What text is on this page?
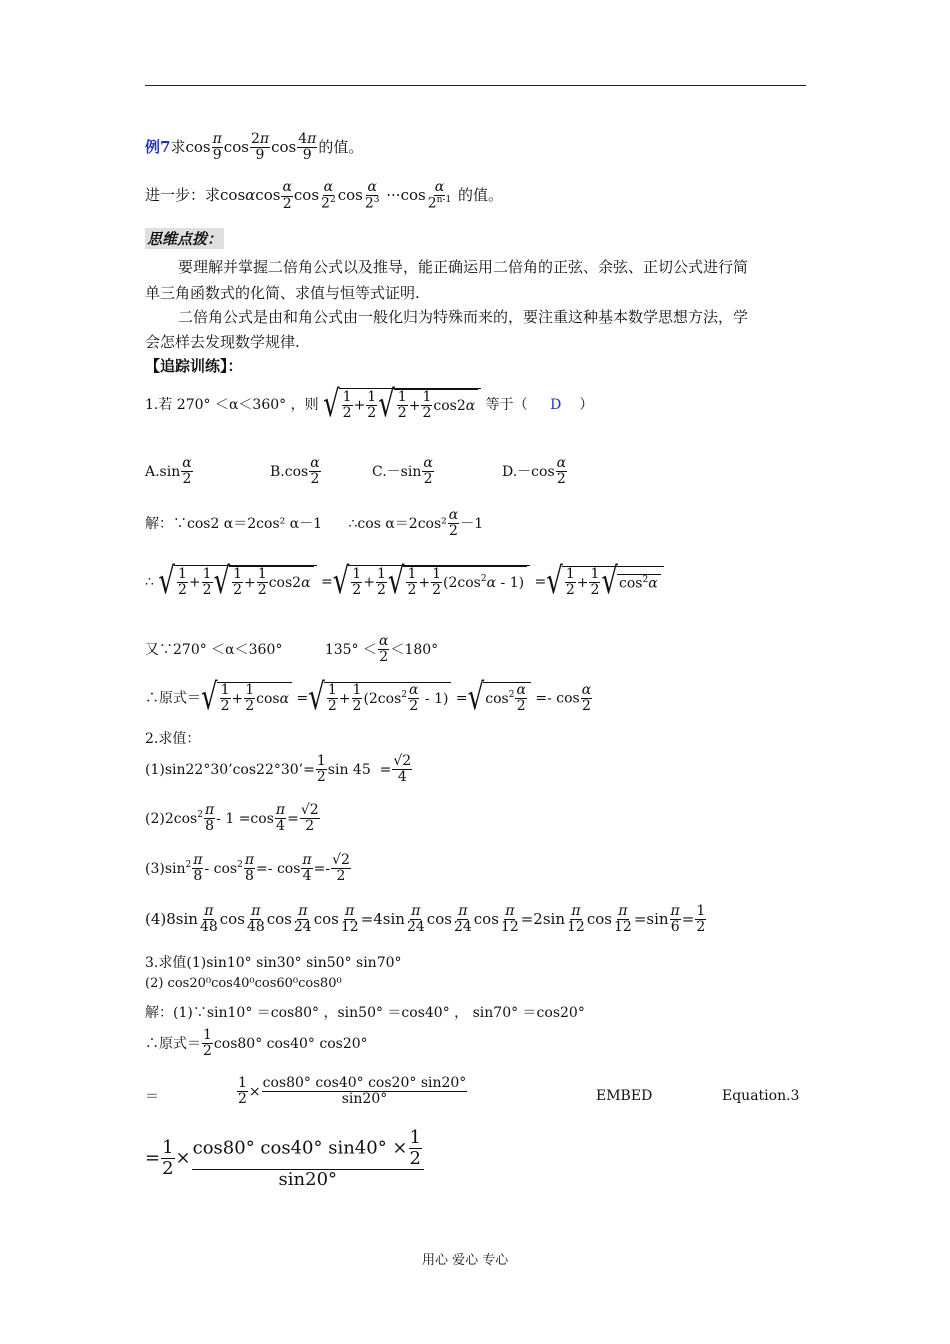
例7求$\cos \frac{\pi}{9}$ $\cos \frac{2\pi}{9}$ $\cos \frac{4\pi}{9}$ 的值。
进一步：求cosαcos $\frac{\alpha}{2}$ $\cos \frac{\alpha}{2^2}$ $\cos \frac{\alpha}{2^3} \cdot\cdot\cdot\cos \frac{\alpha}{2^{n-1}}$ 的值。
思维点拨：
要理解并掌握二倍角公式以及推导，能正确运用二倍角的正弦、余弦、正切公式进行简
单三角函数式的化简、求值与恒等式证明.
二倍角公式是由和角公式由一般化归为特殊而来的，要注重这种基本数学思想方法，学
会怎样去发现数学规律.
【追踪训练】：
1.若 270° ＜α＜360° ，则 √ $\frac{1}{2} + \frac{1}{2}$ √ $\frac{1}{2} + \frac{1}{2} \cos 2\alpha$ 等于（ D ）
$A.\sin \frac{\alpha}{2}$	$B.\cos \frac{\alpha}{2}$	$C.-\sin \frac{\alpha}{2}$	$D.-\cos \frac{\alpha}{2}$
解：∵cos2 α＝2cos² α－1 ∴cos $\alpha=2\cos^2 \frac{\alpha}{2} -1$
∴ √ $\frac{1}{2} + \frac{1}{2}$ √ $\frac{1}{2} + \frac{1}{2} \cos 2\alpha$ =√ $\frac{1}{2} + \frac{1}{2}$ √ $\frac{1}{2} + \frac{1}{2} (2\cos^2\alpha - 1)$ =√ $\frac{1}{2} + \frac{1}{2} √\cos^2\alpha$
又∵270° ＜α＜360°	$135^\circ < \frac{\alpha}{2} <180^\circ$
∴原式＝√ $\frac{1}{2} + \frac{1}{2}$ cosα =√ $\frac{1}{2} + \frac{1}{2} (2\cos^2 \frac{\alpha}{2} - 1) =√\cos^2 \frac{\alpha}{2} =- \cos \frac{\alpha}{2}$
2.求值：
(1)sin22°30’cos22°30’= $\frac{1}{2}$ $\sin 45 = \frac{√2}{4}$
$(2)2\cos^2 \frac{\pi}{8} - 1 =\cos \frac{\pi}{4} = \frac{√2}{2}$
$(3)\sin^2 \frac{\pi}{8} - \cos^2 \frac{\pi}{8} =- \cos \frac{\pi}{4} =- \frac{√2}{2}$
$(4)8\sin \frac{\pi}{48}$ $\cos \frac{\pi}{48}$ $\cos \frac{\pi}{24}$ $\cos \frac{\pi}{12} =4\sin \frac{\pi}{24}$ $\cos \frac{\pi}{24}$ $\cos \frac{\pi}{12} =2\sin \frac{\pi}{12}$ $\cos \frac{\pi}{12} =\sin \frac{\pi}{6} = \frac{1}{2}$
3.求值(1)sin10° sin30° sin50° sin70°
(2) cos20⁰cos40⁰cos60⁰cos80⁰
解：(1)∵sin10° ＝cos80° ，sin50° ＝cos40° ， sin70° ＝cos20°
∴原式＝ $\frac{1}{2} \cos 80^\circ$ cos40° cos20°
＝	$\frac{1}{2} \times \frac{\cos 80^\circ \cos 40^\circ \cos 20^\circ \sin 20^\circ}{\sin 20^\circ}$	EMBED	Equation.3
= $\frac{1}{2} \times \frac{\cos 80^\circ \cos 40^\circ \sin 40^\circ \times \frac{1}{2}}{\sin 20^\circ}$
用心 爱心 专心
